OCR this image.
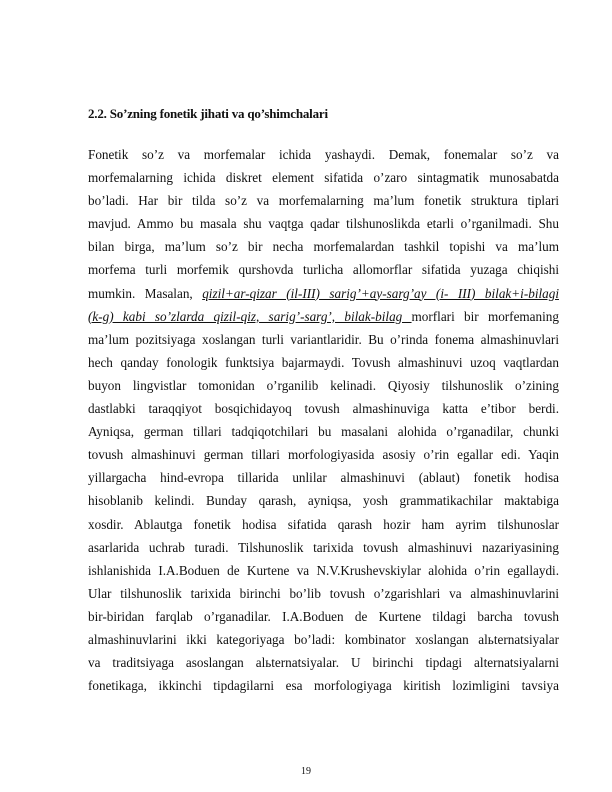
2.2. So’zning fonetik jihati va qo’shimchalari
Fonetik so’z va morfemalar ichida yashaydi. Demak, fonemalar so’z va
morfemalarning ichida diskret element sifatida o’zaro sintagmatik munosabatda
bo’ladi. Har bir tilda so’z va morfemalarning ma’lum fonetik struktura tiplari
mavjud. Ammo bu masala shu vaqtga qadar tilshunoslikda etarli o’rganilmadi. Shu
bilan birga, ma’lum so’z bir necha morfemalardan tashkil topishi va ma’lum
morfema turli morfemik qurshovda turlicha allomorflar sifatida yuzaga chiqishi
mumkin. Masalan, qizil+ar-qizar (il-III) sarig’+ay-sarg’ay (i- III) bilak+i-bilagi
(k-g) kabi so’zlarda qizil-qiz, sarig’-sarg’, bilak-bilag morflari bir morfemaning
ma’lum pozitsiyaga xoslangan turli variantlaridir. Bu o’rinda fonema almashinuvlari
hech qanday fonologik funktsiya bajarmaydi. Tovush almashinuvi uzoq vaqtlardan
buyon lingvistlar tomonidan o’rganilib kelinadi. Qiyosiy tilshunoslik o’zining
dastlabki taraqqiyot bosqichidayoq tovush almashinuviga katta e’tibor berdi.
Ayniqsa, german tillari tadqiqotchilari bu masalani alohida o’rganadilar, chunki
tovush almashinuvi german tillari morfologiyasida asosiy o’rin egallar edi. Yaqin
yillargacha hind-evropa tillarida unlilar almashinuvi (ablaut) fonetik hodisa
hisoblanib kelindi. Bunday qarash, ayniqsa, yosh grammatikachilar maktabiga
xosdir. Ablautga fonetik hodisa sifatida qarash hozir ham ayrim tilshunoslar
asarlarida uchrab turadi. Tilshunoslik tarixida tovush almashinuvi nazariyasining
ishlanishida I.A.Boduen de Kurtene va N.V.Krushevskiylar alohida o’rin egallaydi.
Ular tilshunoslik tarixida birinchi bo’lib tovush o’zgarishlari va almashinuvlarini
bir-biridan farqlab o’rganadilar. I.A.Boduen de Kurtene tildagi barcha tovush
almashinuvlarini ikki kategoriyaga bo’ladi: kombinator xoslangan alьternatsiyalar
va traditsiyaga asoslangan alьternatsiyalar. U birinchi tipdagi alternatsiyalarni
fonetikaga, ikkinchi tipdagilarni esa morfologiyaga kiritish lozimligini tavsiya
19
